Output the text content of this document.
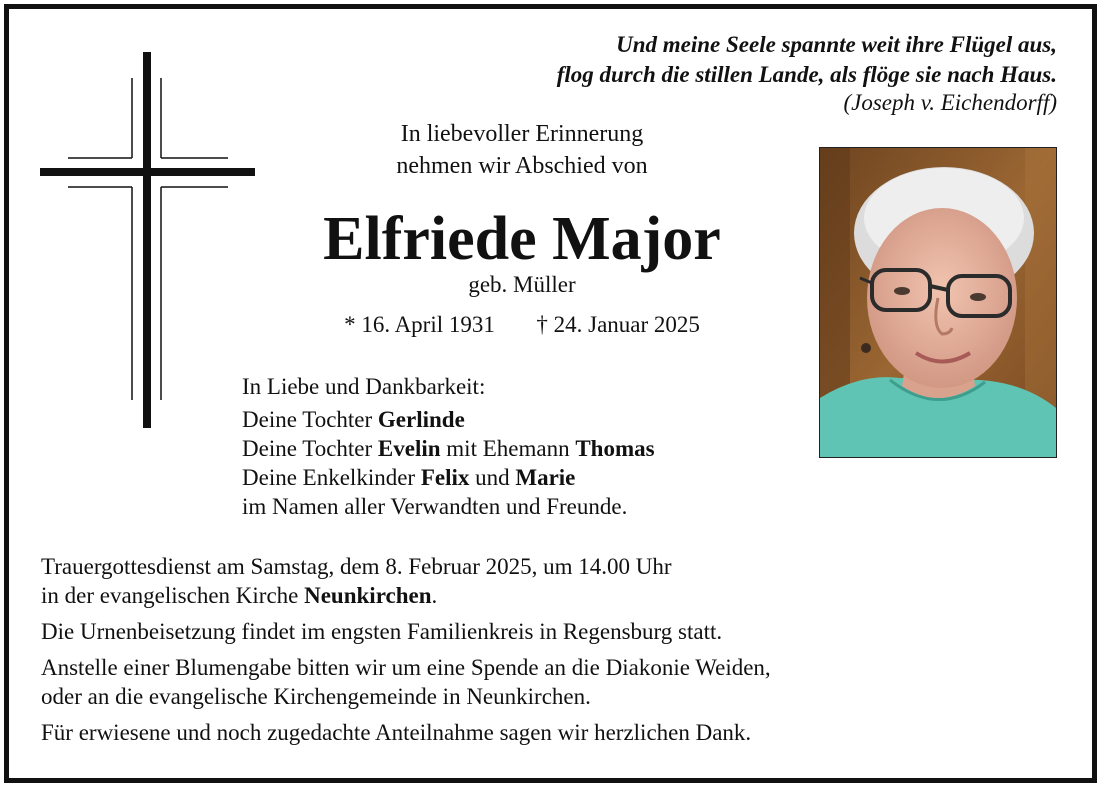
Und meine Seele spannte weit ihre Flügel aus,
flog durch die stillen Lande, als flöge sie nach Haus.
(Joseph v. Eichendorff)
In liebevoller Erinnerung
nehmen wir Abschied von
Elfriede Major
geb. Müller
* 16. April 1931 † 24. Januar 2025
In Liebe und Dankbarkeit:
Deine Tochter Gerlinde
Deine Tochter Evelin mit Ehemann Thomas
Deine Enkelkinder Felix und Marie
im Namen aller Verwandten und Freunde.
Trauergottesdienst am Samstag, dem 8. Februar 2025, um 14.00 Uhr
in der evangelischen Kirche Neunkirchen.
Die Urnenbeisetzung findet im engsten Familienkreis in Regensburg statt.
Anstelle einer Blumengabe bitten wir um eine Spende an die Diakonie Weiden,
oder an die evangelische Kirchengemeinde in Neunkirchen.
Für erwiesene und noch zugedachte Anteilnahme sagen wir herzlichen Dank.
